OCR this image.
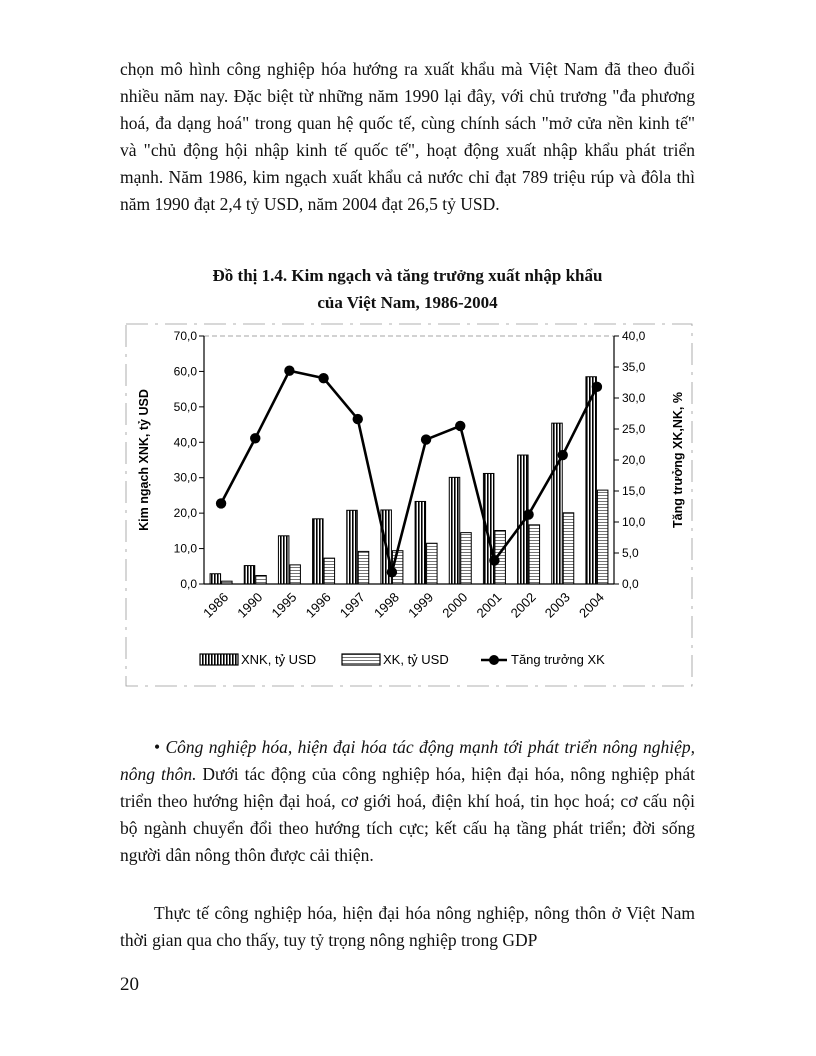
chọn mô hình công nghiệp hóa hướng ra xuất khẩu mà Việt Nam đã theo đuổi nhiều năm nay. Đặc biệt từ những năm 1990 lại đây, với chủ trương "đa phương hoá, đa dạng hoá" trong quan hệ quốc tế, cùng chính sách "mở cửa nền kinh tế" và "chủ động hội nhập kinh tế quốc tế", hoạt động xuất nhập khẩu phát triển mạnh. Năm 1986, kim ngạch xuất khẩu cả nước chỉ đạt 789 triệu rúp và đôla thì năm 1990 đạt 2,4 tỷ USD, năm 2004 đạt 26,5 tỷ USD.

Đồ thị 1.4. Kim ngạch và tăng trưởng xuất nhập khẩu
của Việt Nam, 1986-2004
0,0
10,0
20,0
30,0
40,0
50,0
60,0
70,0
0,0
5,0
10,0
15,0
20,0
25,0
30,0
35,0
40,0
Kim ngạch XNK, tỷ USD	Tăng trưởng XK,NK, %
1986 1990 1995 1996 1997 1998 1999 2000 2001 2002 2003 2004
XNK, tỷ USD	XK, tỷ USD	Tăng trưởng XK

• Công nghiệp hóa, hiện đại hóa tác động mạnh tới phát triển nông nghiệp, nông thôn. Dưới tác động của công nghiệp hóa, hiện đại hóa, nông nghiệp phát triển theo hướng hiện đại hoá, cơ giới hoá, điện khí hoá, tin học hoá; cơ cấu nội bộ ngành chuyển đổi theo hướng tích cực; kết cấu hạ tầng phát triển; đời sống người dân nông thôn được cải thiện.

Thực tế công nghiệp hóa, hiện đại hóa nông nghiệp, nông thôn ở Việt Nam thời gian qua cho thấy, tuy tỷ trọng nông nghiệp trong GDP

20
